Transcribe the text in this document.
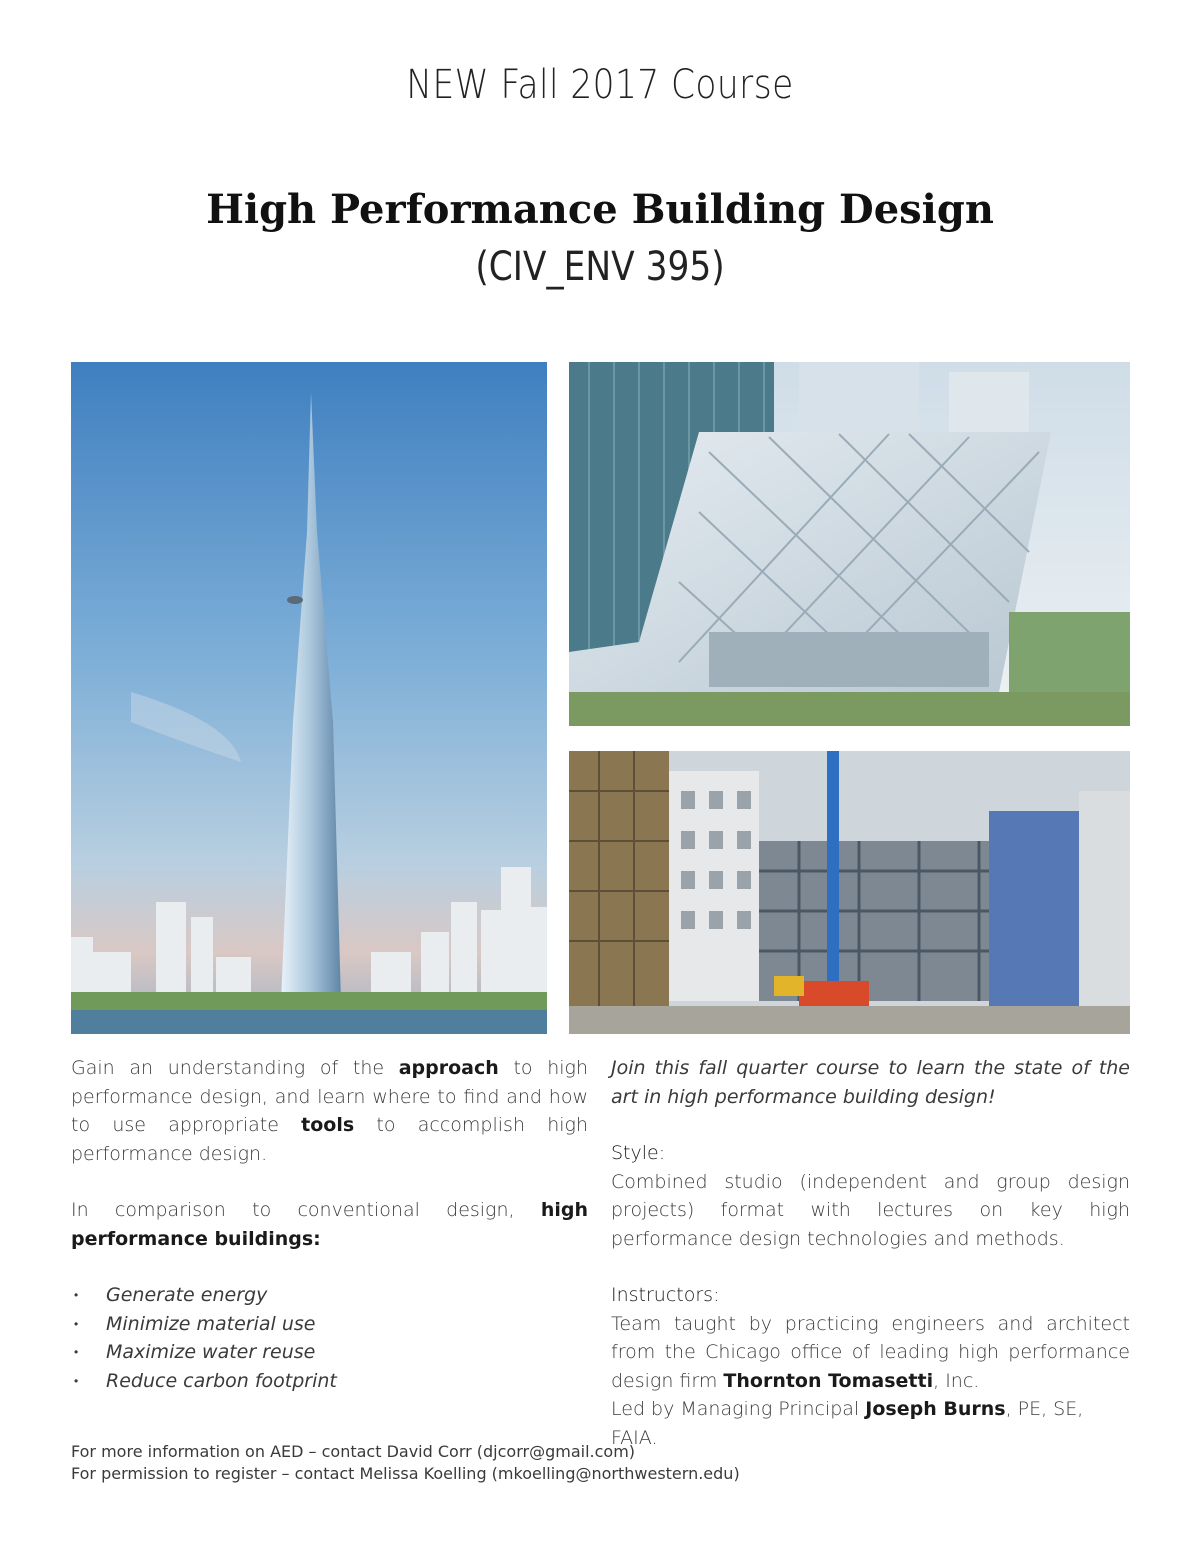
NEW Fall 2017 Course
High Performance Building Design
(CIV_ENV 395)

Gain an understanding of the approach to high performance design, and learn where to find and how to use appropriate tools to accomplish high performance design.

In comparison to conventional design, high performance buildings:

• Generate energy
• Minimize material use
• Maximize water reuse
• Reduce carbon footprint

Join this fall quarter course to learn the state of the art in high performance building design!

Style:

Combined studio (independent and group design projects) format with lectures on key high performance design technologies and methods.

Instructors:

Team taught by practicing engineers and architect from the Chicago office of leading high performance design firm Thornton Tomasetti, Inc.

Led by Managing Principal Joseph Burns, PE, SE, FAIA.

For more information on AED – contact David Corr (djcorr@gmail.com)
For permission to register – contact Melissa Koelling (mkoelling@northwestern.edu)
